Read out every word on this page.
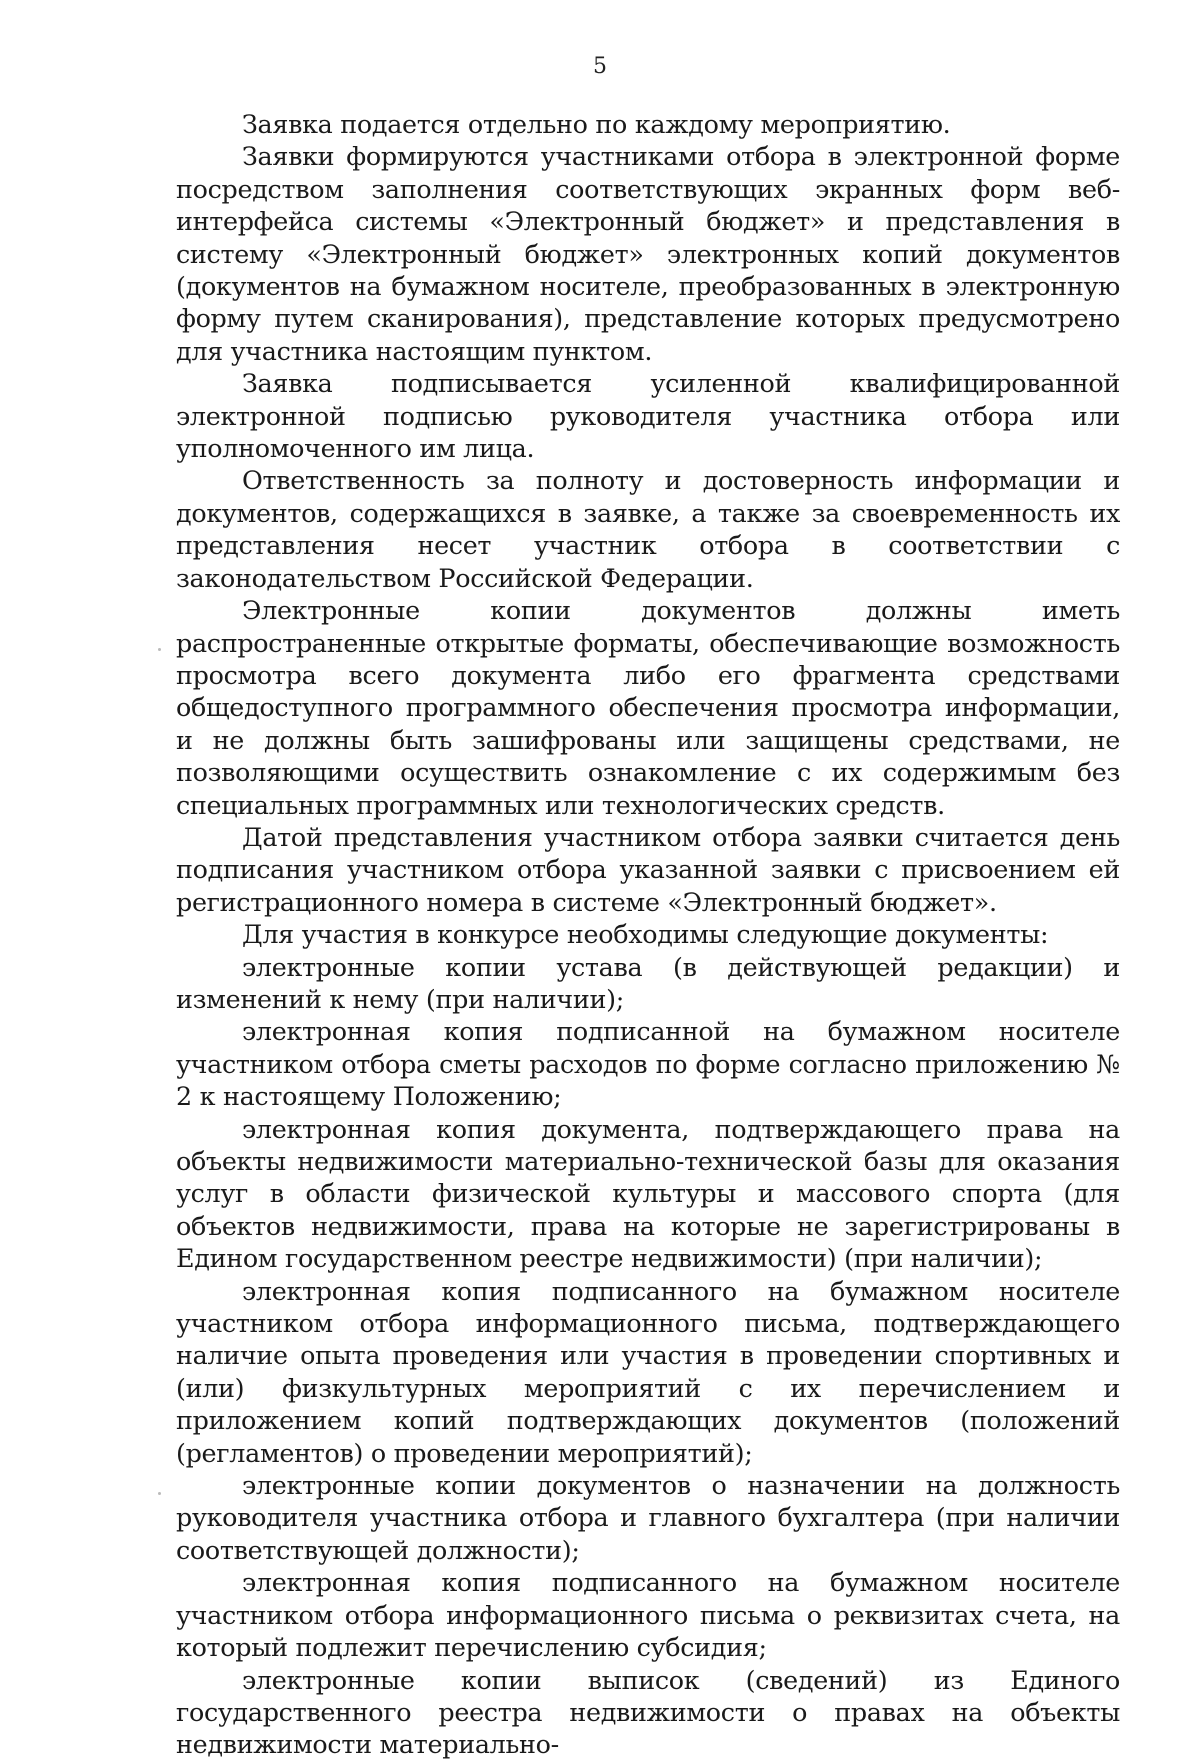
5

Заявка подается отдельно по каждому мероприятию.

Заявки формируются участниками отбора в электронной форме посредством заполнения соответствующих экранных форм веб-интерфейса системы «Электронный бюджет» и представления в систему «Электронный бюджет» электронных копий документов (документов на бумажном носителе, преобразованных в электронную форму путем сканирования), представление которых предусмотрено для участника настоящим пунктом.

Заявка подписывается усиленной квалифицированной электронной подписью руководителя участника отбора или уполномоченного им лица.

Ответственность за полноту и достоверность информации и документов, содержащихся в заявке, а также за своевременность их представления несет участник отбора в соответствии с законодательством Российской Федерации.

Электронные копии документов должны иметь распространенные открытые форматы, обеспечивающие возможность просмотра всего документа либо его фрагмента средствами общедоступного программного обеспечения просмотра информации, и не должны быть зашифрованы или защищены средствами, не позволяющими осуществить ознакомление с их содержимым без специальных программных или технологических средств.

Датой представления участником отбора заявки считается день подписания участником отбора указанной заявки с присвоением ей регистрационного номера в системе «Электронный бюджет».

Для участия в конкурсе необходимы следующие документы:

электронные копии устава (в действующей редакции) и изменений к нему (при наличии);

электронная копия подписанной на бумажном носителе участником отбора сметы расходов по форме согласно приложению № 2 к настоящему Положению;

электронная копия документа, подтверждающего права на объекты недвижимости материально-технической базы для оказания услуг в области физической культуры и массового спорта (для объектов недвижимости, права на которые не зарегистрированы в Едином государственном реестре недвижимости) (при наличии);

электронная копия подписанного на бумажном носителе участником отбора информационного письма, подтверждающего наличие опыта проведения или участия в проведении спортивных и (или) физкультурных мероприятий с их перечислением и приложением копий подтверждающих документов (положений (регламентов) о проведении мероприятий);

электронные копии документов о назначении на должность руководителя участника отбора и главного бухгалтера (при наличии соответствующей должности);

электронная копия подписанного на бумажном носителе участником отбора информационного письма о реквизитах счета, на который подлежит перечислению субсидия;

электронные копии выписок (сведений) из Единого государственного реестра недвижимости о правах на объекты недвижимости материально-
